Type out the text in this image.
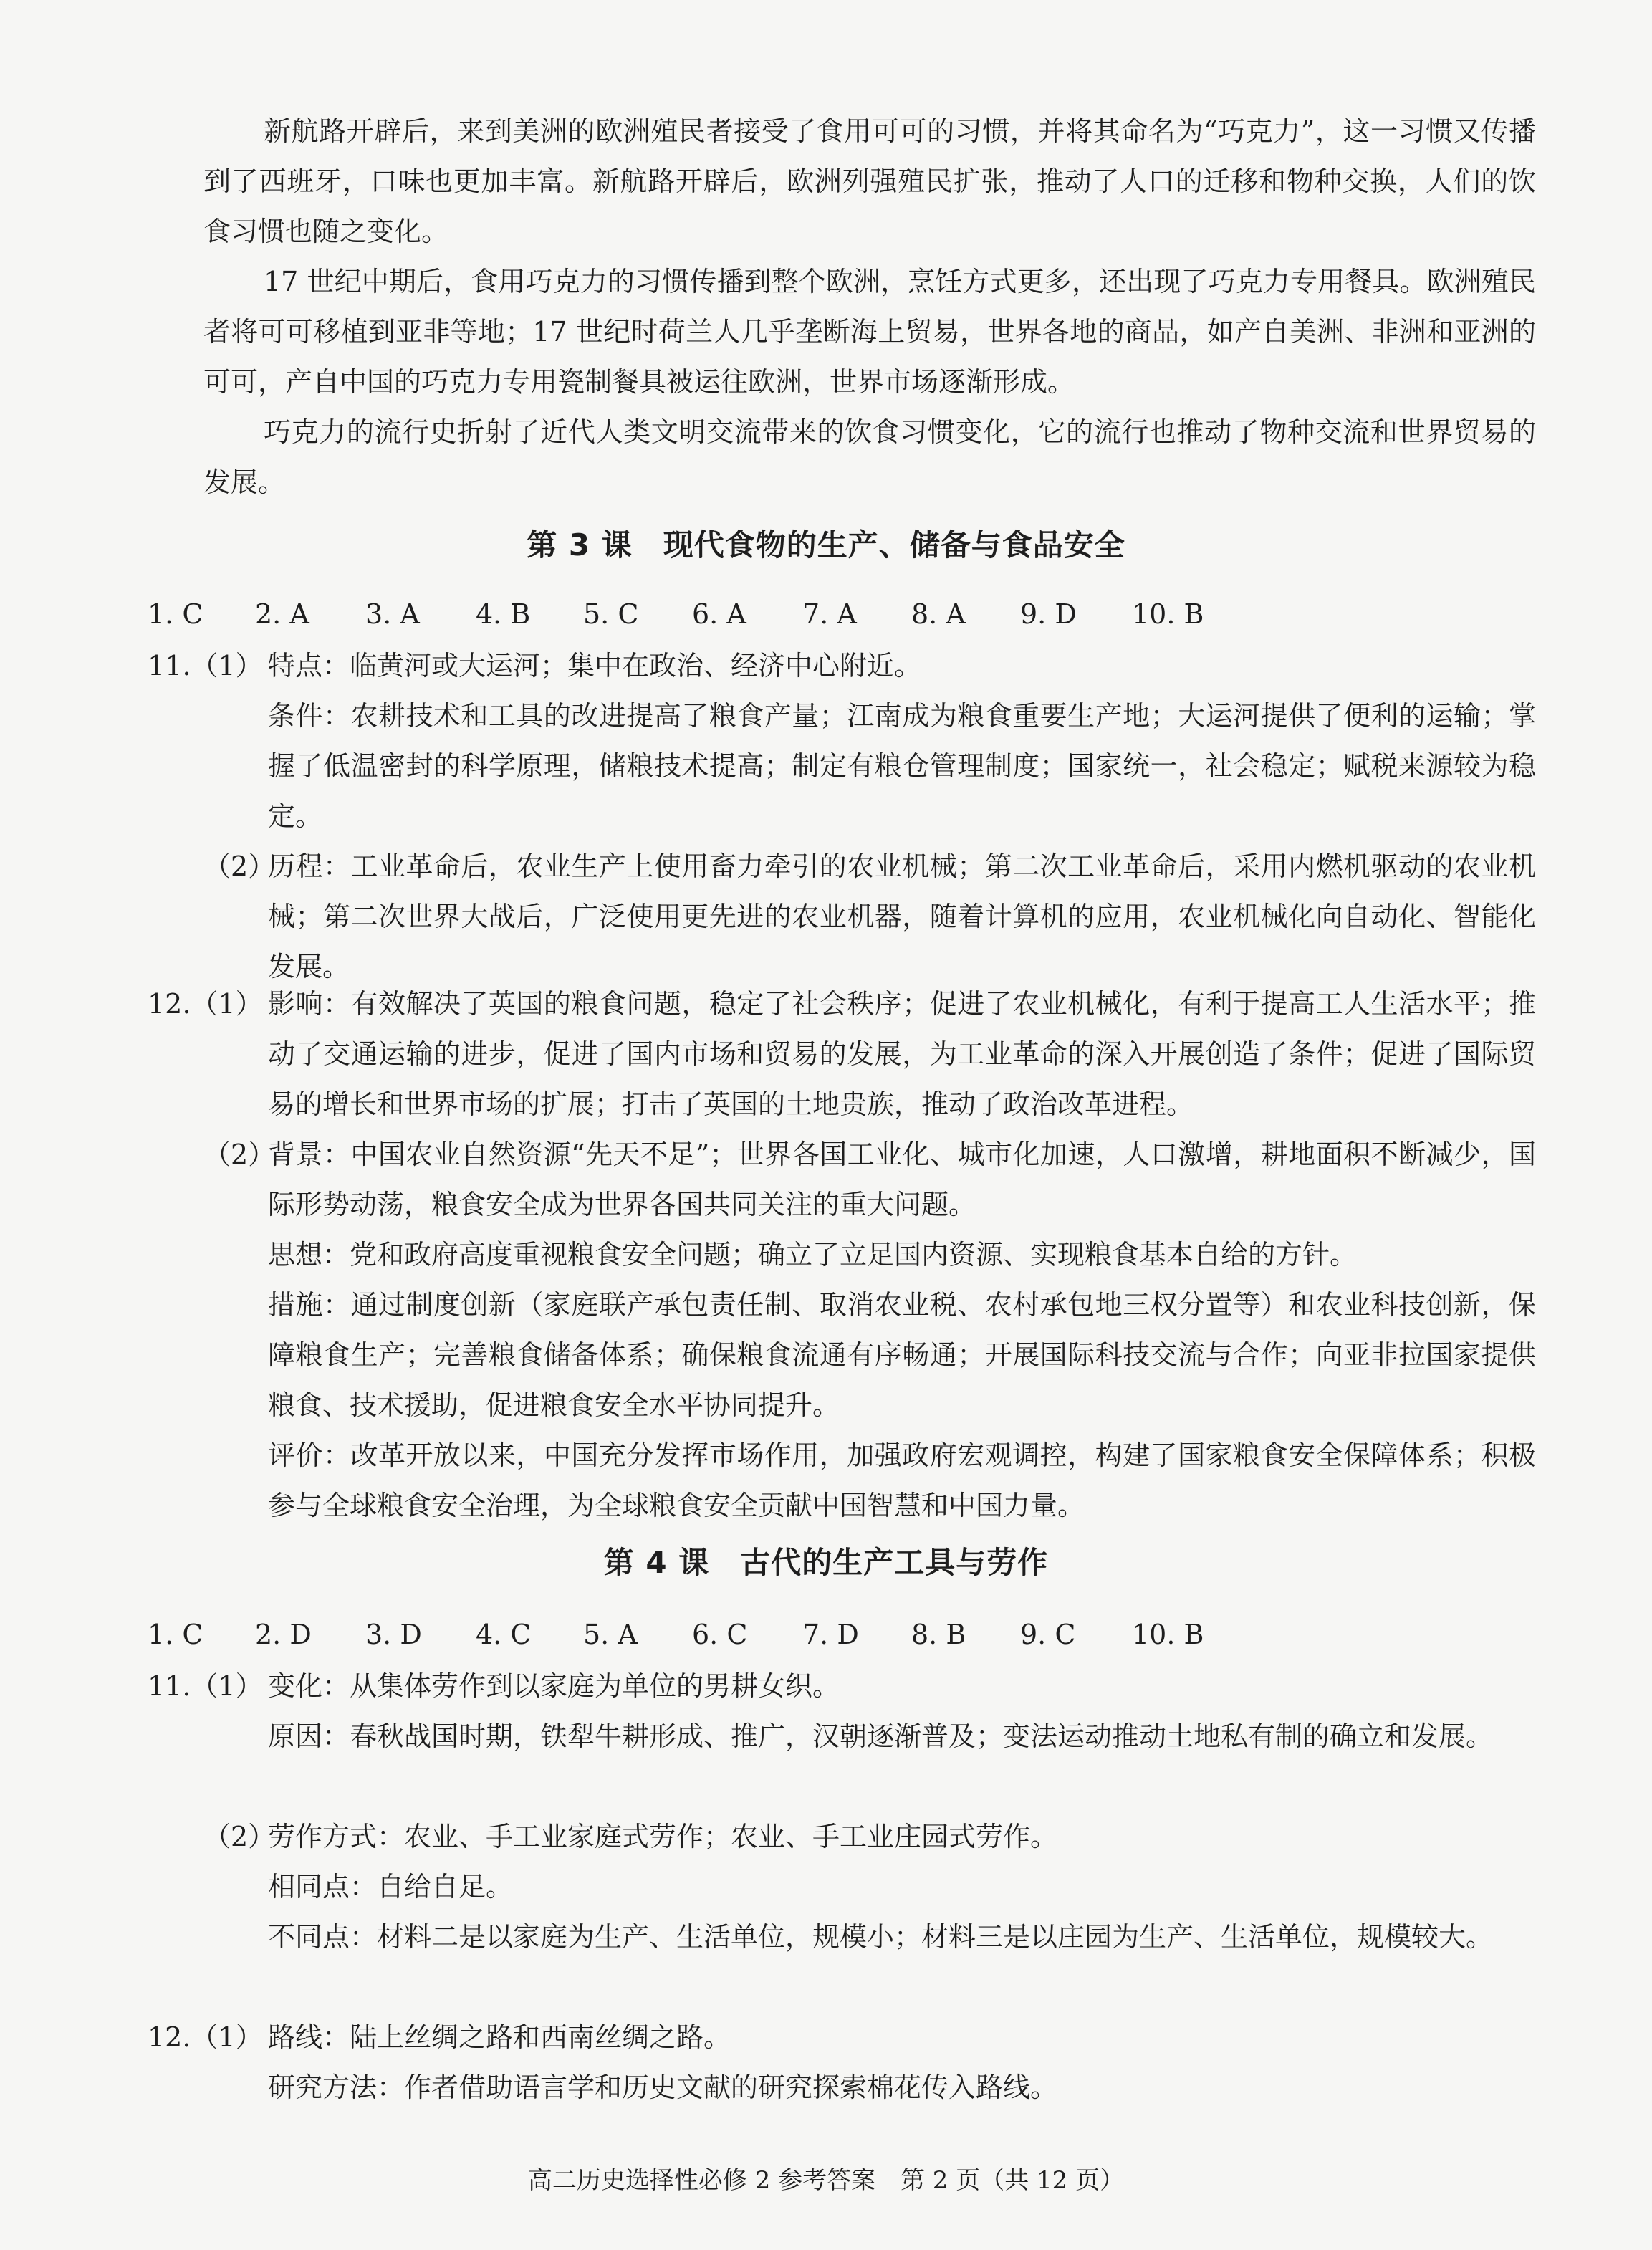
新航路开辟后，来到美洲的欧洲殖民者接受了食用可可的习惯，并将其命名为“巧克力”，这一习惯又传播到了西班牙，口味也更加丰富。新航路开辟后，欧洲列强殖民扩张，推动了人口的迁移和物种交换，人们的饮食习惯也随之变化。

17 世纪中期后，食用巧克力的习惯传播到整个欧洲，烹饪方式更多，还出现了巧克力专用餐具。欧洲殖民者将可可移植到亚非等地；17 世纪时荷兰人几乎垄断海上贸易，世界各地的商品，如产自美洲、非洲和亚洲的可可，产自中国的巧克力专用瓷制餐具被运往欧洲，世界市场逐渐形成。

巧克力的流行史折射了近代人类文明交流带来的饮食习惯变化，它的流行也推动了物种交流和世界贸易的发展。

第 3 课　现代食物的生产、储备与食品安全
1. C 2. A 3. A 4. B 5. C 6. A 7. A 8. A 9. D 10. B
11.（1） 特点：临黄河或大运河；集中在政治、经济中心附近。

条件：农耕技术和工具的改进提高了粮食产量；江南成为粮食重要生产地；大运河提供了便利的运输；掌握了低温密封的科学原理，储粮技术提高；制定有粮仓管理制度；国家统一，社会稳定；赋税来源较为稳定。

（2）

历程：工业革命后，农业生产上使用畜力牵引的农业机械；第二次工业革命后，采用内燃机驱动的农业机械；第二次世界大战后，广泛使用更先进的农业机器，随着计算机的应用，农业机械化向自动化、智能化发展。

12.（1） 影响：有效解决了英国的粮食问题，稳定了社会秩序；促进了农业机械化，有利于提高工人生活水平；推动了交通运输的进步，促进了国内市场和贸易的发展，为工业革命的深入开展创造了条件；促进了国际贸易的增长和世界市场的扩展；打击了英国的土地贵族，推动了政治改革进程。

（2）

背景：中国农业自然资源“先天不足”；世界各国工业化、城市化加速，人口激增，耕地面积不断减少，国际形势动荡，粮食安全成为世界各国共同关注的重大问题。

思想：党和政府高度重视粮食安全问题；确立了立足国内资源、实现粮食基本自给的方针。

措施：通过制度创新（家庭联产承包责任制、取消农业税、农村承包地三权分置等）和农业科技创新，保障粮食生产；完善粮食储备体系；确保粮食流通有序畅通；开展国际科技交流与合作；向亚非拉国家提供粮食、技术援助，促进粮食安全水平协同提升。

评价：改革开放以来，中国充分发挥市场作用，加强政府宏观调控，构建了国家粮食安全保障体系；积极参与全球粮食安全治理，为全球粮食安全贡献中国智慧和中国力量。

第 4 课　古代的生产工具与劳作
1. C 2. D 3. D 4. C 5. A 6. C 7. D 8. B 9. C 10. B
11.（1） 变化：从集体劳作到以家庭为单位的男耕女织。

原因：春秋战国时期，铁犁牛耕形成、推广，汉朝逐渐普及；变法运动推动土地私有制的确立和发展。

（2）

劳作方式：农业、手工业家庭式劳作；农业、手工业庄园式劳作。

相同点：自给自足。

不同点：材料二是以家庭为生产、生活单位，规模小；材料三是以庄园为生产、生活单位，规模较大。

12.（1） 路线：陆上丝绸之路和西南丝绸之路。

研究方法：作者借助语言学和历史文献的研究探索棉花传入路线。

高二历史选择性必修 2 参考答案 第 2 页（共 12 页）
